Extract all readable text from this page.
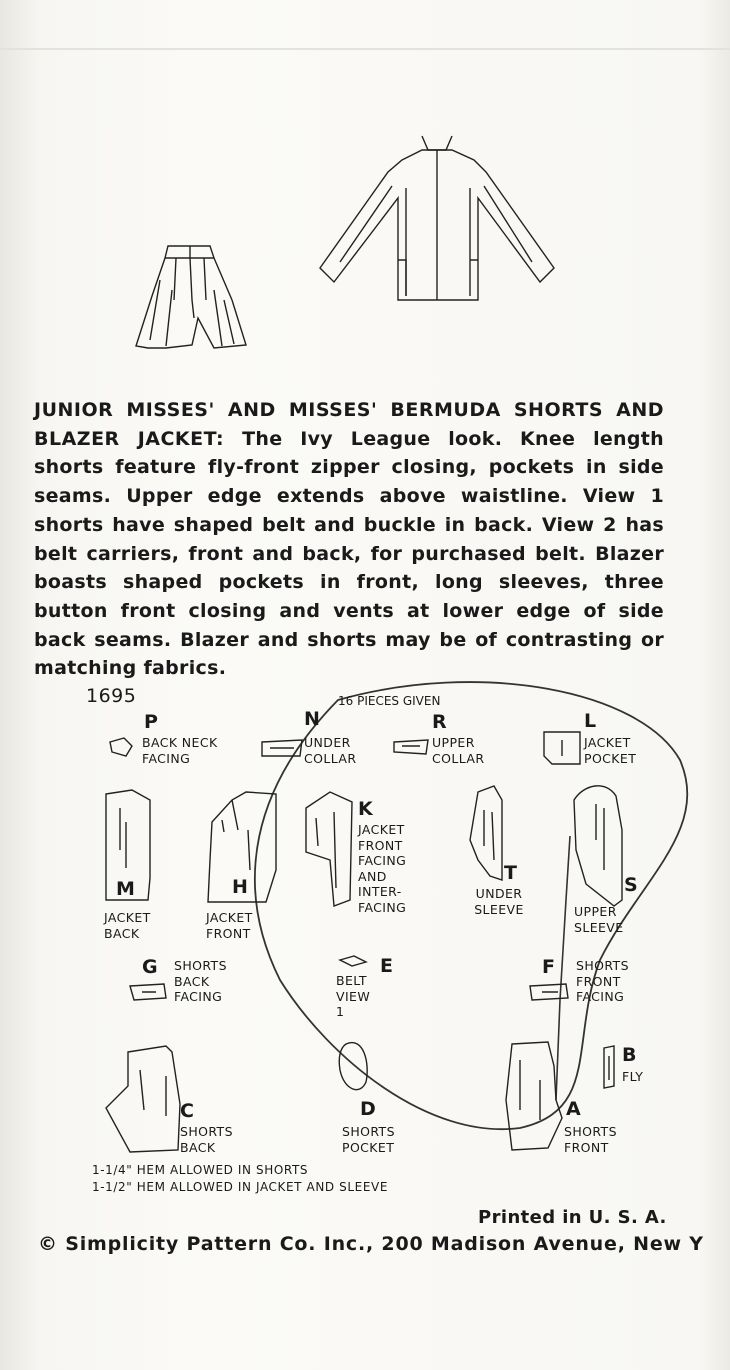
JUNIOR MISSES' AND MISSES' BERMUDA SHORTS AND BLAZER JACKET: The Ivy League look. Knee length shorts feature fly-front zipper closing, pockets in side seams. Upper edge extends above waistline. View 1 shorts have shaped belt and buckle in back. View 2 has belt carriers, front and back, for purchased belt. Blazer boasts shaped pockets in front, long sleeves, three button front closing and vents at lower edge of side back seams. Blazer and shorts may be of contrasting or matching fabrics.
1695	16 PIECES GIVEN
P
BACK NECK FACING
N
UNDER COLLAR
R
UPPER COLLAR
L
JACKET POCKET
M
JACKET BACK
H
JACKET FRONT
K
JACKET FRONT FACING AND INTER-FACING
T
UNDER SLEEVE
S
UPPER SLEEVE
G SHORTS BACK FACING
E
BELT VIEW 1
F SHORTS FRONT FACING
B
FLY
C
SHORTS BACK
D
SHORTS POCKET
A
SHORTS FRONT
1-1/4" HEM ALLOWED IN SHORTS
1-1/2" HEM ALLOWED IN JACKET AND SLEEVE
Printed in U. S. A.
© Simplicity Pattern Co. Inc., 200 Madison Avenue, New Y
